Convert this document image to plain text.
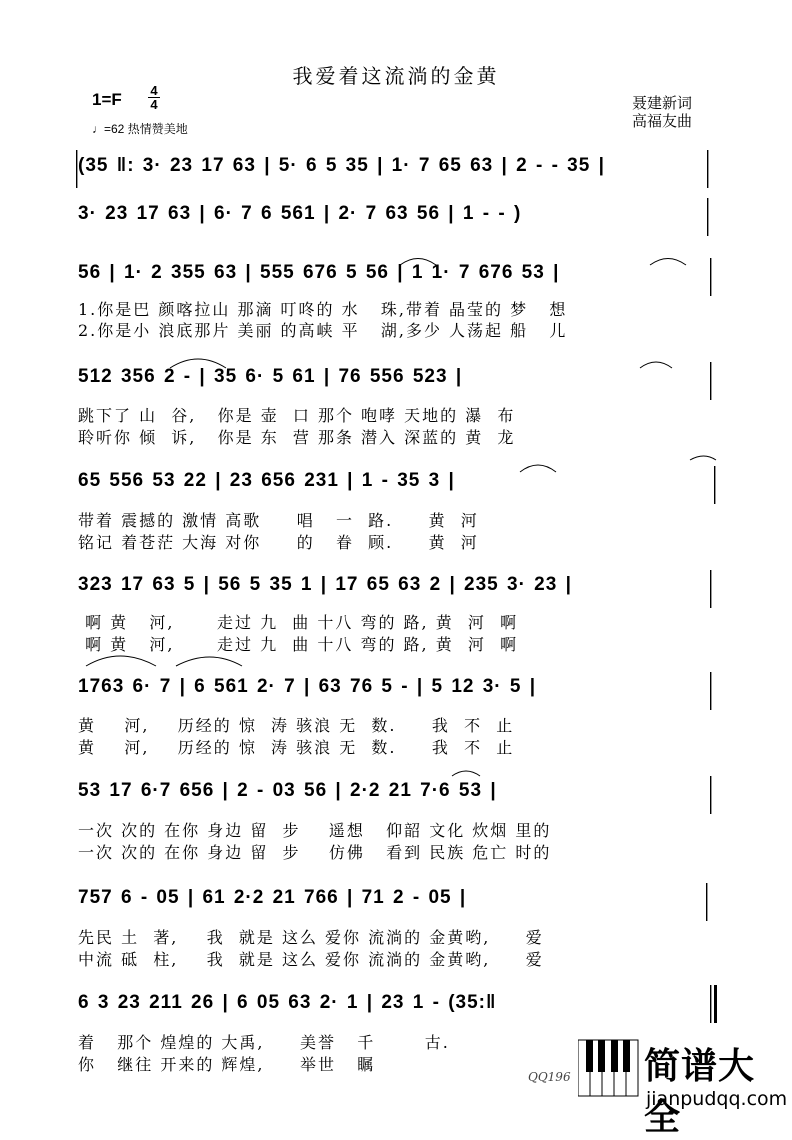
我爱着这流淌的金黄
1=F 4
4
♩=62 热情赞美地
聂建新词
高福友曲
(35 ‖: 3· 23 17 63 | 5· 6 5 35 | 1· 7 65 63 | 2 - - 35 |
3· 23 17 63 | 6· 7 6 561 | 2· 7 63 56 | 1 - - )
56 | 1· 2 355 63 | 555 676 5 56 | 1 1· 7 676 53 |
1.你是巴 颜喀拉山 那滴 叮咚的 水   珠,带着 晶莹的 梦   想
2.你是小 浪底那片 美丽 的高峡 平   湖,多少 人荡起 船   儿
512 356 2 - | 35 6· 5 61 | 76 556 523 |
跳下了 山  谷,   你是 壶  口 那个 咆哮 天地的 瀑  布
聆听你 倾  诉,   你是 东  营 那条 潜入 深蓝的 黄  龙
65 556 53 22 | 23 656 231 | 1 - 35 3 |
带着 震撼的 激情 高歌     唱   一  路.     黄  河
铭记 着苍茫 大海 对你     的   眷  顾.     黄  河
323 17 63 5 | 56 5 35 1 | 17 65 63 2 | 235 3· 23 |
啊 黄   河,      走过 九  曲 十八 弯的 路, 黄  河  啊
啊 黄   河,      走过 九  曲 十八 弯的 路, 黄  河  啊
1763 6· 7 | 6 561 2· 7 | 63 76 5 - | 5 12 3· 5 |
黄    河,    历经的 惊  涛 骇浪 无  数.     我  不  止
黄    河,    历经的 惊  涛 骇浪 无  数.     我  不  止
53 17 6·7 656 | 2 - 03 56 | 2·2 21 7·6 53 |
一次 次的 在你 身边 留  步    遥想   仰韶 文化 炊烟 里的
一次 次的 在你 身边 留  步    仿佛   看到 民族 危亡 时的
757 6 - 05 | 61 2·2 21 766 | 71 2 - 05 |
先民 土  著,    我  就是 这么 爱你 流淌的 金黄哟,     爱
中流 砥  柱,    我  就是 这么 爱你 流淌的 金黄哟,     爱
6 3 23 211 26 | 6 05 63 2· 1 | 23 1 - (35:‖
着   那个 煌煌的 大禹,     美誉   千       古.
你   继往 开来的 辉煌,     举世   瞩
QQ196 简谱大全
jianpudqq.com
